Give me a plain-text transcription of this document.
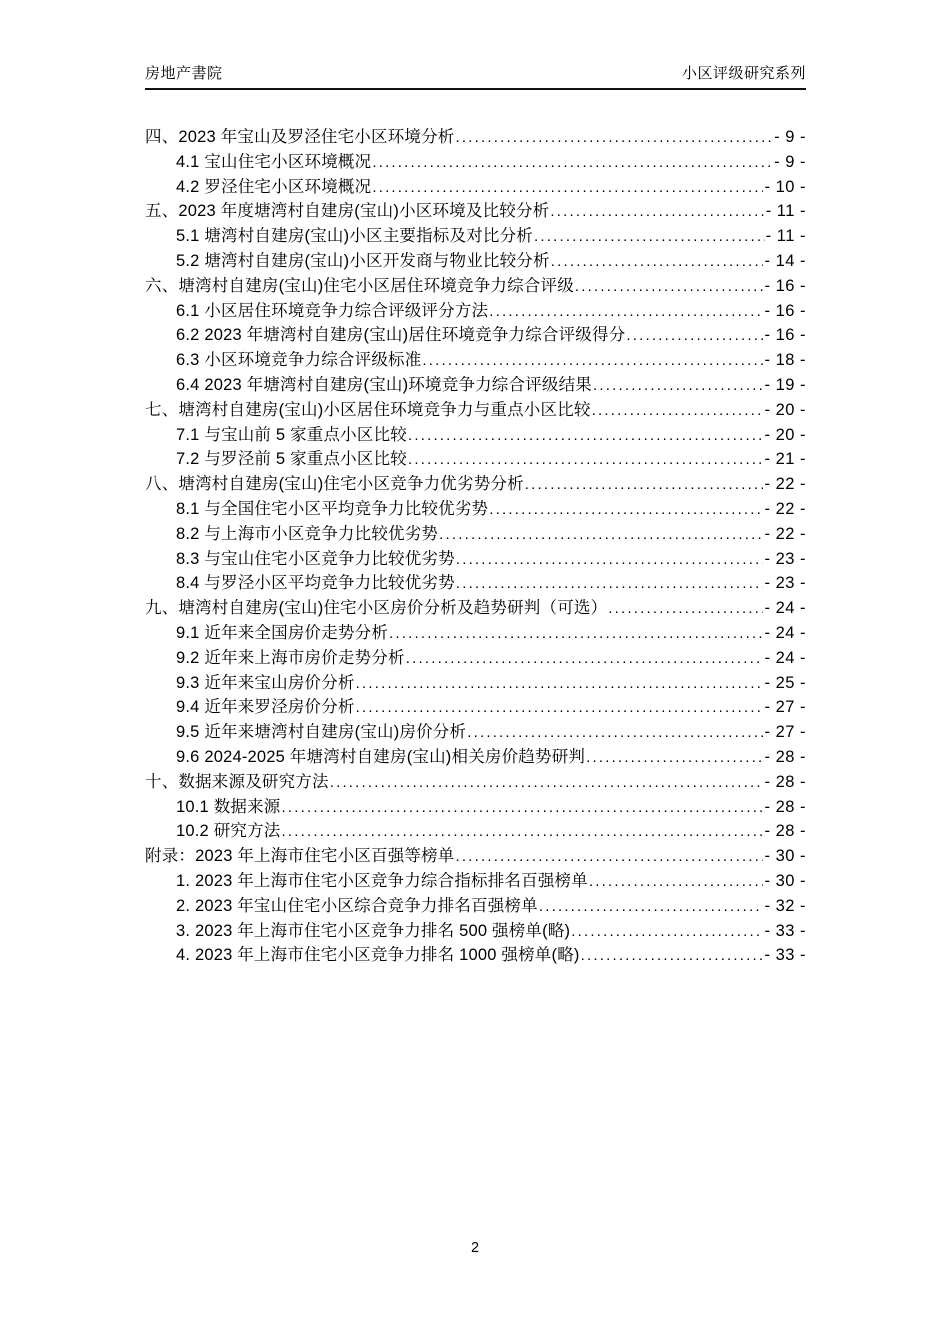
房地产書院	小区评级研究系列
四、2023 年宝山及罗泾住宅小区环境分析 .....	- 9 -
4.1 宝山住宅小区环境概况 .....	- 9 -
4.2 罗泾住宅小区环境概况 .....	- 10 -
五、2023 年度塘湾村自建房(宝山)小区环境及比较分析 .....	- 11 -
5.1 塘湾村自建房(宝山)小区主要指标及对比分析 .....	- 11 -
5.2 塘湾村自建房(宝山)小区开发商与物业比较分析 .....	- 14 -
六、塘湾村自建房(宝山)住宅小区居住环境竞争力综合评级 .....	- 16 -
6.1 小区居住环境竞争力综合评级评分方法 .....	- 16 -
6.2 2023 年塘湾村自建房(宝山)居住环境竞争力综合评级得分 .....	- 16 -
6.3 小区环境竞争力综合评级标准 .....	- 18 -
6.4 2023 年塘湾村自建房(宝山)环境竞争力综合评级结果 .....	- 19 -
七、塘湾村自建房(宝山)小区居住环境竞争力与重点小区比较 .....	- 20 -
7.1 与宝山前 5 家重点小区比较 .....	- 20 -
7.2 与罗泾前 5 家重点小区比较 .....	- 21 -
八、塘湾村自建房(宝山)住宅小区竞争力优劣势分析 .....	- 22 -
8.1 与全国住宅小区平均竞争力比较优劣势 .....	- 22 -
8.2 与上海市小区竞争力比较优劣势 .....	- 22 -
8.3 与宝山住宅小区竞争力比较优劣势 .....	- 23 -
8.4 与罗泾小区平均竞争力比较优劣势 .....	- 23 -
九、塘湾村自建房(宝山)住宅小区房价分析及趋势研判（可选） .....	- 24 -
9.1 近年来全国房价走势分析 .....	- 24 -
9.2 近年来上海市房价走势分析 .....	- 24 -
9.3 近年来宝山房价分析 .....	- 25 -
9.4 近年来罗泾房价分析 .....	- 27 -
9.5 近年来塘湾村自建房(宝山)房价分析 .....	- 27 -
9.6 2024-2025 年塘湾村自建房(宝山)相关房价趋势研判 .....	- 28 -
十、数据来源及研究方法 .....	- 28 -
10.1 数据来源 .....	- 28 -
10.2 研究方法 .....	- 28 -
附录：2023 年上海市住宅小区百强等榜单 .....	- 30 -
1. 2023 年上海市住宅小区竞争力综合指标排名百强榜单 .....	- 30 -
2. 2023 年宝山住宅小区综合竞争力排名百强榜单 .....	- 32 -
3. 2023 年上海市住宅小区竞争力排名 500 强榜单(略) .....	- 33 -
4. 2023 年上海市住宅小区竞争力排名 1000 强榜单(略) .....	- 33 -
2
